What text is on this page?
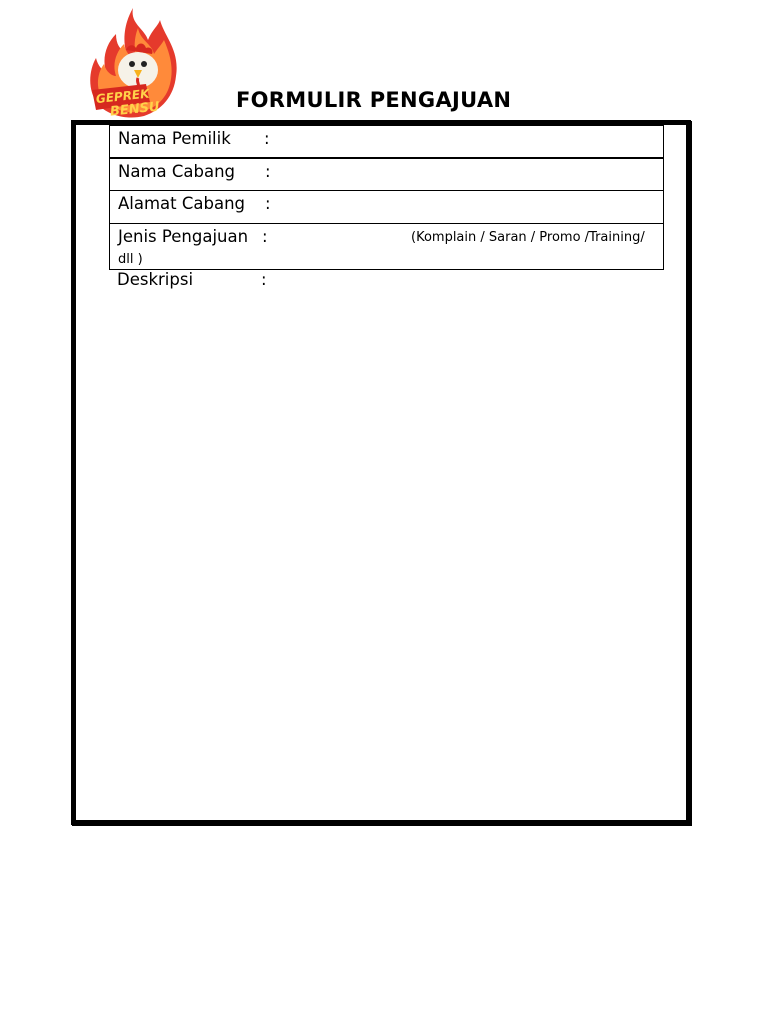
GEPREK
BENSU	FORMULIR PENGAJUAN
Nama Pemilik :
Nama Cabang :
Alamat Cabang :
Jenis Pengajuan :	(Komplain / Saran / Promo /Training/
dll )
Deskripsi	:
